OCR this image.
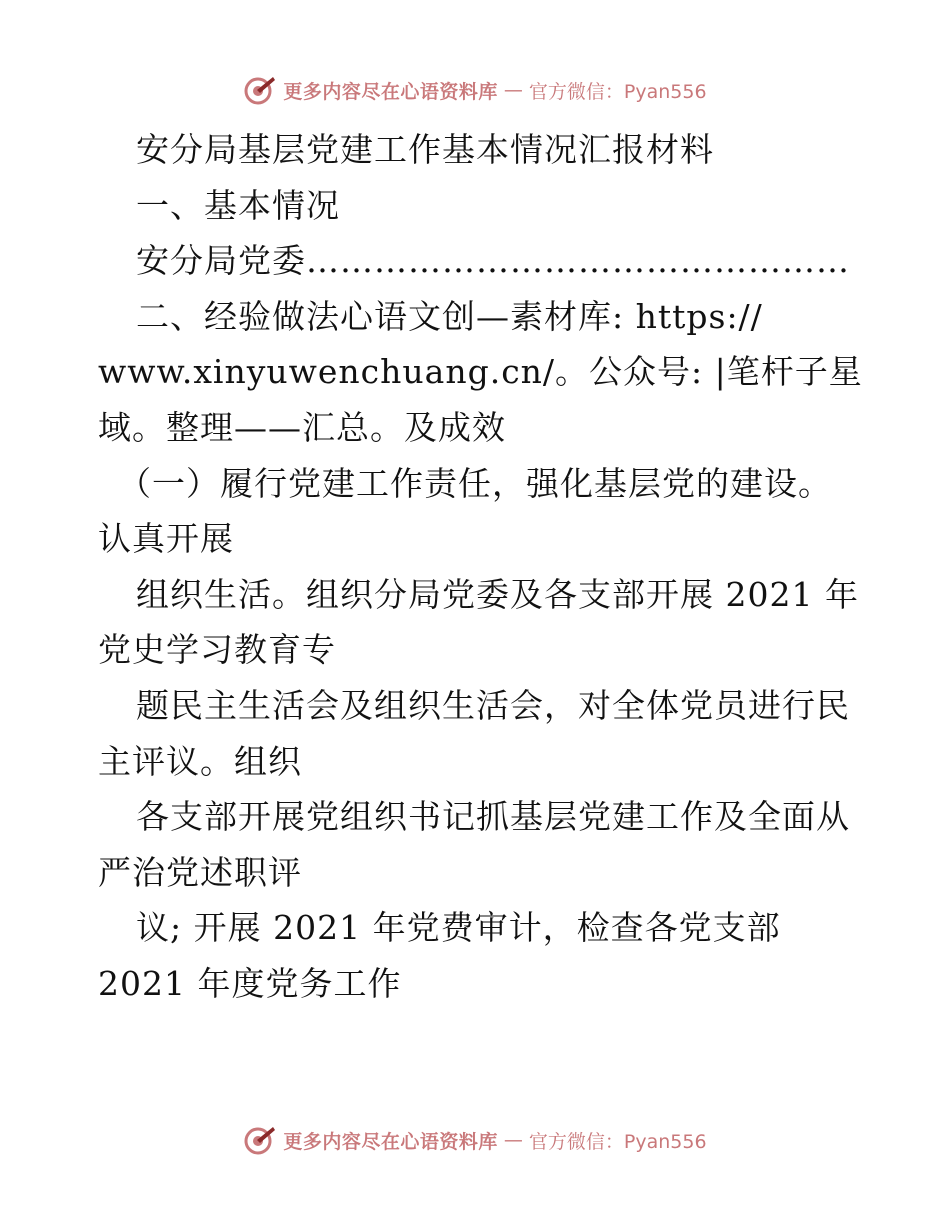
更多内容尽在心语资料库 — 官方微信：Pyan556
安分局基层党建工作基本情况汇报材料
一、基本情况
安分局党委…………………………………………
二、经验做法心语文创—素材库: https://
www.xinyuwenchuang.cn/。公众号: |笔杆子星
域。整理——汇总。及成效
（一）履行党建工作责任，强化基层党的建设。
认真开展
组织生活。组织分局党委及各支部开展 2021 年
党史学习教育专
题民主生活会及组织生活会，对全体党员进行民
主评议。组织
各支部开展党组织书记抓基层党建工作及全面从
严治党述职评
议; 开展 2021 年党费审计，检查各党支部
2021 年度党务工作
更多内容尽在心语资料库 — 官方微信：Pyan556
